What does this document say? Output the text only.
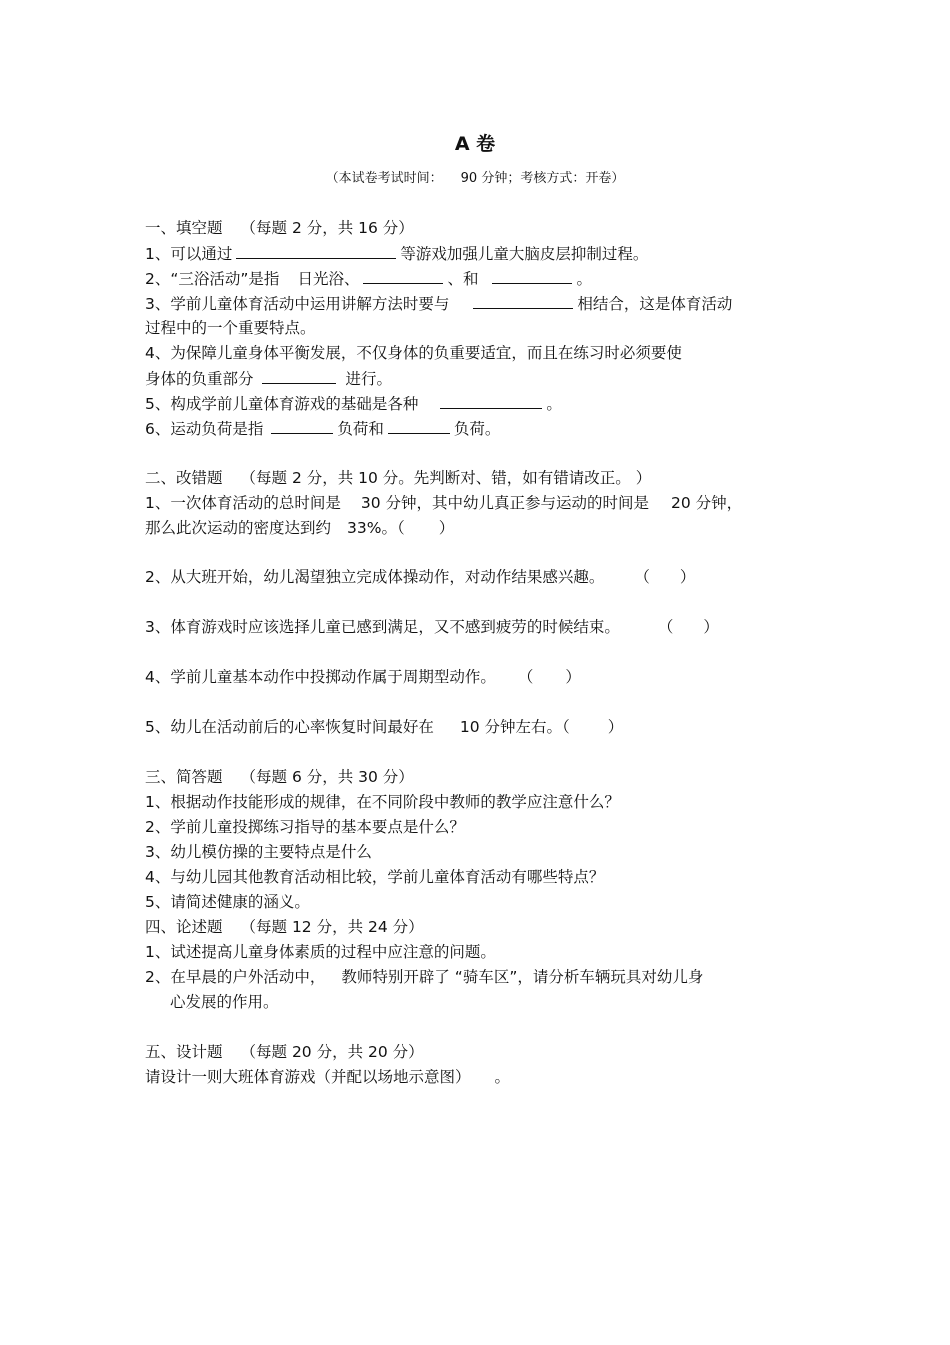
A 卷
（本试卷考试时间： 90 分钟；考核方式：开卷）
一、填空题 （每题 2 分，共 16 分）
1、可以通过	等游戏加强儿童大脑皮层抑制过程。
2、“三浴活动”是指 日光浴、	、和	。
3、学前儿童体育活动中运用讲解方法时要与	相结合，这是体育活动
过程中的一个重要特点。
4、为保障儿童身体平衡发展，不仅身体的负重要适宜，而且在练习时必须要使
身体的负重部分	进行。
5、构成学前儿童体育游戏的基础是各种	。
6、运动负荷是指	负荷和	负荷。
二、改错题 （每题 2 分，共 10 分。先判断对、错，如有错请改正。 ）
1、一次体育活动的总时间是 30 分钟，其中幼儿真正参与运动的时间是 20 分钟，
那么此次运动的密度达到约 33%。（ ）
2、从大班开始，幼儿渴望独立完成体操动作，对动作结果感兴趣。 （ ）
3、体育游戏时应该选择儿童已感到满足，又不感到疲劳的时候结束。 （ ）
4、学前儿童基本动作中投掷动作属于周期型动作。 （ ）
5、幼儿在活动前后的心率恢复时间最好在 10 分钟左右。（ ）
三、简答题 （每题 6 分，共 30 分）
1、根据动作技能形成的规律，在不同阶段中教师的教学应注意什么？
2、学前儿童投掷练习指导的基本要点是什么？
3、幼儿模仿操的主要特点是什么
4、与幼儿园其他教育活动相比较，学前儿童体育活动有哪些特点？
5、请简述健康的涵义。
四、论述题 （每题 12 分，共 24 分）
1、试述提高儿童身体素质的过程中应注意的问题。
2、在早晨的户外活动中， 教师特别开辟了 “骑车区”，请分析车辆玩具对幼儿身
心发展的作用。
五、设计题 （每题 20 分，共 20 分）
请设计一则大班体育游戏（并配以场地示意图） 。
